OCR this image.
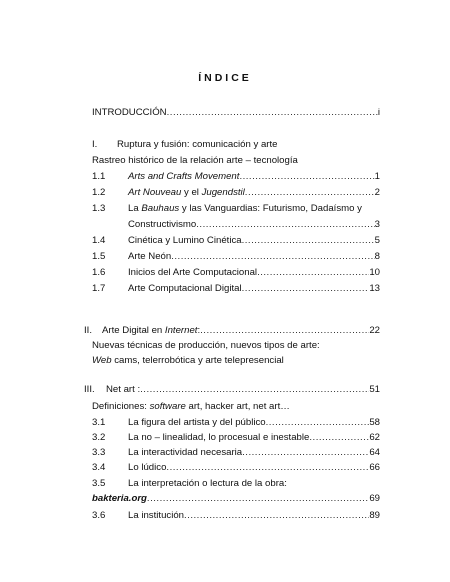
ÍNDICE
INTRODUCCIÓN .....	i
I. Ruptura y fusión: comunicación y arte
Rastreo histórico de la relación arte – tecnología
1.1 Arts and Crafts Movement .....	1
1.2 Art Nouveau y el Jugendstil .....	2
1.3 La Bauhaus y las Vanguardias: Futurismo, Dadaísmo y
Constructivismo .....	3
1.4 Cinética y Lumino Cinética .....	5
1.5 Arte Neón .....	8
1.6 Inicios del Arte Computacional .....	10
1.7 Arte Computacional Digital .....	13
II. Arte Digital en Internet: .....	22
Nuevas técnicas de producción, nuevos tipos de arte:
Web cams, telerrobótica y arte telepresencial
III. Net art : .....	51
Definiciones: software art, hacker art, net art…
3.1 La figura del artista y del público .....	58
3.2 La no – linealidad, lo procesual e inestable .....	62
3.3 La interactividad necesaria .....	64
3.4 Lo lúdico .....	66
3.5 La interpretación o lectura de la obra:
bakteria.org .....	69
3.6 La institución .....	89
